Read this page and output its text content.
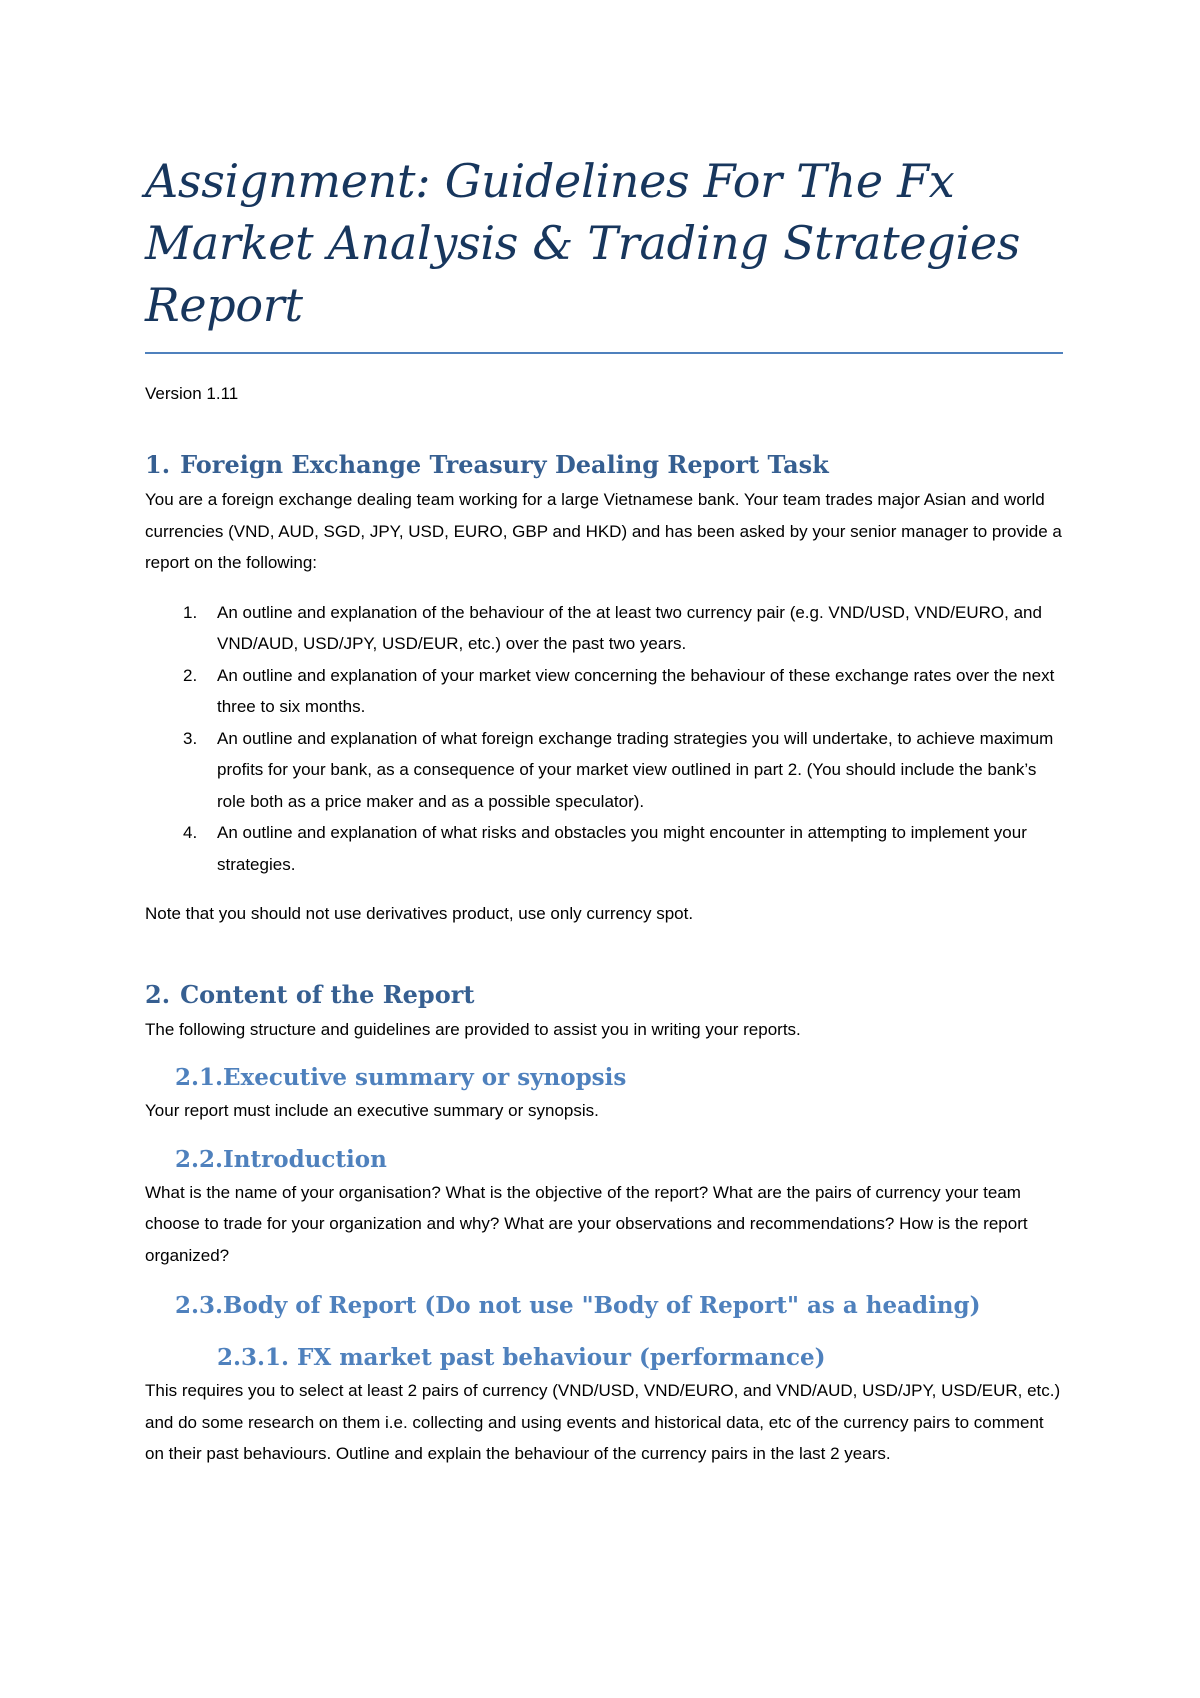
Assignment: Guidelines For The Fx Market Analysis & Trading Strategies Report
Version 1.11
1. Foreign Exchange Treasury Dealing Report Task

You are a foreign exchange dealing team working for a large Vietnamese bank. Your team trades major Asian and world currencies (VND, AUD, SGD, JPY, USD, EURO, GBP and HKD) and has been asked by your senior manager to provide a report on the following:

1. An outline and explanation of the behaviour of the at least two currency pair (e.g. VND/USD, VND/EURO, and VND/AUD, USD/JPY, USD/EUR, etc.) over the past two years.
2. An outline and explanation of your market view concerning the behaviour of these exchange rates over the next three to six months.
3. An outline and explanation of what foreign exchange trading strategies you will undertake, to achieve maximum profits for your bank, as a consequence of your market view outlined in part 2. (You should include the bank’s role both as a price maker and as a possible speculator).
4. An outline and explanation of what risks and obstacles you might encounter in attempting to implement your strategies.

Note that you should not use derivatives product, use only currency spot.

2. Content of the Report

The following structure and guidelines are provided to assist you in writing your reports.

2.1.Executive summary or synopsis

Your report must include an executive summary or synopsis.

2.2.Introduction

What is the name of your organisation? What is the objective of the report? What are the pairs of currency your team choose to trade for your organization and why? What are your observations and recommendations? How is the report organized?

2.3.Body of Report (Do not use "Body of Report" as a heading)
2.3.1. FX market past behaviour (performance)

This requires you to select at least 2 pairs of currency (VND/USD, VND/EURO, and VND/AUD, USD/JPY, USD/EUR, etc.) and do some research on them i.e. collecting and using events and historical data, etc of the currency pairs to comment on their past behaviours. Outline and explain the behaviour of the currency pairs in the last 2 years.
